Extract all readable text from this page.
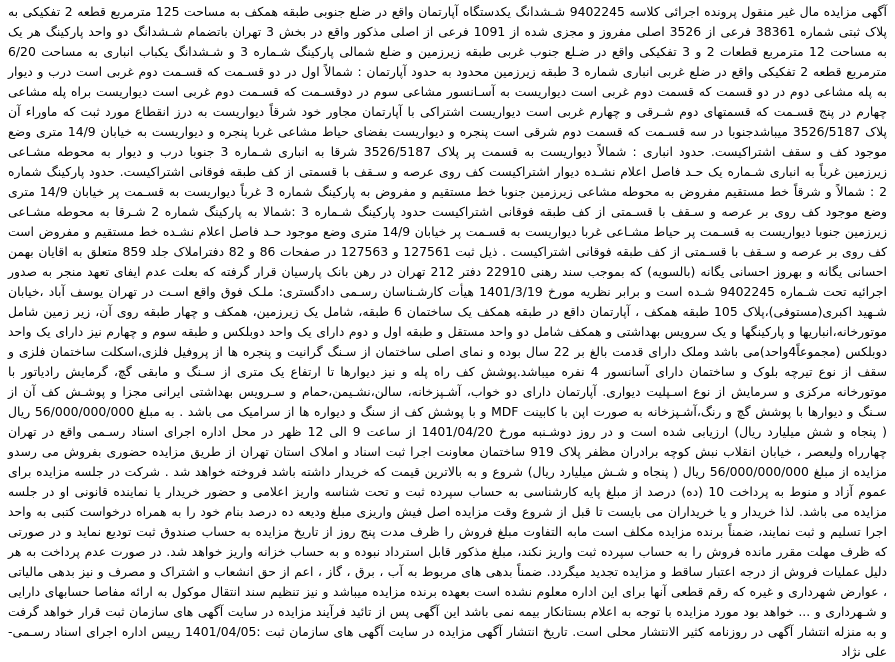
آگهی مزایده مال غیر منقول پرونده اجرائی کلاسه 9402245 شـشدانگ یکدستگاه آپارتمان واقع در ضلع جنوبی طبقه همکف به مساحت 125 مترمربع قطعه 2 تفکیکی به پلاک ثبتی شماره 38361 فرعی از 3526 اصلی مفروز و مجزی شده از 1091 فرعی از اصلی مذکور واقع در بخش 3 تهران باتضمام شـشدانگ دو واحد پارکینگ هر یک به مساحت 12 مترمربع قطعات 2 و 3 تفکیکی واقع در ضـلع جنوب غربی طبقه زیرزمین و ضلع شمالی پارکینگ شـماره 3 و شـشدانگ یکباب انباری به مساحت 6/20 مترمربع قطعه 2 تفکیکی واقع در ضلع غربی انباری شماره 3 طبقه زیرزمین محدود به حدود آپارتمان : شمالاً اول در دو قسـمت که قسـمت دوم غربی است درب و دیوار به پله مشاعی دوم در دو قسمت که قسمت دوم غربی است دیواریست به آسـانسور مشاعی سوم در دوقسـمت که قسـمت دوم غربی است دیواریست براه پله مشاعی چهارم در پنج قسـمت که قسمتهای دوم شـرقی و چهارم غربی است دیواریست اشتراکی با آپارتمان مجاور خود شرقاً دیواریست به درز انقطاع مورد ثبت که ماوراء آن پلاک 3526/5187 میباشدجنوبا در سه قسـمت که قسمت دوم شرقی است پنجره و دیواریست بفضای حیاط مشاعی غربا پنجره و دیواریست به خیابان 14/9 متری وضع موجود کف و سقف اشتراکیست. حدود انباری : شمالاً دیواریست به قسمت پر پلاک 3526/5187 شرقا به انباری شـماره 3 جنوبا درب و دیوار به محوطه مشـاعی زیرزمین غرباً به انباری شـماره یک حـد فاصل اعلام نشـده دیوار اشتراکیست کف روی عرصه و سـقف با قسمتی از کف طبقه فوقانی اشتراکیست. حدود پارکینگ شماره 2 : شمالاً و شرقاً خط مستقیم مفروض به محوطه مشاعی زیرزمین جنوبا خط مستقیم و مفروض به پارکینگ شماره 3 غرباً دیواریست به قسـمت پر خیابان 14/9 متری وضع موجود کف روی بر عرصه و سـقف با قسـمتی از کف طبقه فوقانی اشتراکیست حدود پارکینگ شـماره 3 :شمالا به پارکینگ شماره 2 شـرقا به محوطه مشـاعی زیرزمین جنوبا دیواریست به قسـمت پر حیاط مشـاعی غربا دیواریست به قسـمت پر خیابان 14/9 متری وضع موجود حـد فاصل اعلام نشـده خط مستقیم و مفروض است کف روی بر عرصه و سـقف با قسـمتی از کف طبقه فوقانی اشتراکیست . ذیل ثبت 127561 و 127563 در صفحات 86 و 82 دفتراملاک جلد 859 متعلق به اقایان بهمن احسانی یگانه و بهروز احسانی یگانه (بالسویه) که بموجب سند رهنی 22910 دفتر 212 تهران در رهن بانک پارسیان قرار گرفته که بعلت عدم ایفای تعهد منجر به صدور اجرائیه تحت شـماره 9402245 شـده است و برابر نظریه مورخ 1401/3/19 هیأت کارشـناسان رسـمی دادگستری: ملـک فوق واقع اسـت در تهران یوسف آباد ،خیابان شـهید اکبری(مستوفی)،پلاک 105 طبقه همکف ، آپارتمان داقع در طبقه همکف یک ساختمان 6 طبقه، شامل یک زیرزمین، همکف و چهار طبقه روی آن، زیر زمین شامل موتورخانه،انباریها و پارکینگها و یک سرویس بهداشتی و همکف شامل دو واحد مستقل و طبقه اول و دوم دارای یک واحد دوبلکس و طبقه سوم و چهارم نیز دارای یک واحد دوبلکس (مجموعاً4واحد)می باشد وملک دارای قدمت بالغ بر 22 سال بوده و نمای اصلی ساختمان از سـنگ گرانیت و پنجره ها از پروفیل فلزی،اسکلت ساختمان فلزی و سقف از نوع تیرچه بلوک و ساختمان دارای آسانسور 4 نفره میباشد.پوشش کف راه پله و نیز دیوارها تا ارتفاع یک متری از سـنگ و مابقی گچ، گرمایش رادیاتور با موتورخانه مرکزی و سرمایش از نوع اسـپلیت دیواری. آپارتمان دارای دو خواب، آشـپزخانه، سالن،نشـیمن،حمام و سـرویس بهداشتی ایرانی مجزا و پوشـش کف آن از سـنگ و دیوارها با پوشش گچ و رنگ،آشـپزخانه به صورت اپن با کابینت MDF و با پوشش کف از سنگ و دیواره ها از سرامیک می باشد . به مبلغ 56/000/000/000 ریال ( پنجاه و شش میلیارد ریال) ارزیابی شده است و در روز دوشـنبه مورخ 1401/04/20 از ساعت 9 الی 12 ظهر در محل اداره اجرای اسناد رسـمی واقع در تهران چهارراه ولیعصر ، خیابان انقلاب نبش کوچه برادران مظفر پلاک 919 ساختمان معاونت اجرا ثبت اسناد و املاک استان تهران از طریق مزایده حضوری بفروش می رسدو مزایده از مبلغ 56/000/000/000 ریال ( پنجاه و شـش میلیارد ریال) شروع و به بالاترین قیمت که خریدار داشته باشد فروخته خواهد شد . شرکت در جلسه مزایده برای عموم آزاد و منوط به پرداخت 10 (ده) درصد از مبلغ پایه کارشناسی به حساب سپرده ثبت و تحت شناسه واریز اعلامی و حضور خریدار یا نماینده قانونی او در جلسه مزایده می باشد. لذا خریدار و یا خریداران می بایست تا قبل از شروع وقت مزایده اصل فیش واریزی مبلغ ودیعه ده درصد بنام خود را به همراه درخواست کتبی به واحد اجرا تسلیم و ثبت نمایند، ضمناً برنده مزایده مکلف است مابه التفاوت مبلغ فروش را ظرف مدت پنج روز از تاریخ مزایده به حساب صندوق ثبت تودیع نماید و در صورتی که ظرف مهلت مقرر مانده فروش را به حساب سپرده ثبت واریز نکند، مبلغ مذکور قابل استرداد نبوده و به حساب خزانه واریز خواهد شد. در صورت عدم پرداخت به هر دلیل عملیات فروش از درجه اعتبار ساقط و مزایده تجدید میگردد. ضمناً بدهی های مربوط به آب ، برق ، گاز ، اعم از حق انشعاب و اشتراک و مصرف و نیز بدهی مالیاتی ، عوارض شهرداری و غیره که رقم قطعی آنها برای این اداره معلوم نشده است بعهده برنده مزایده میباشد و نیز تنظیم سند انتقال موکول به ارائه مفاصا حسابهای دارایی و شـهرداری و ... خواهد بود مورد مزایده با توجه به اعلام بستانکار بیمه نمی باشد این آگهی پس از تائید فرآیند مزایده در سایت آگهی های سازمان ثبت قرار خواهد گرفت و به منزله انتشار آگهی در روزنامه کثیر الانتشار محلی است. تاریخ انتشار آگهی مزایده در سایت آگهی های سازمان ثبت :1401/04/05 رییس اداره اجرای اسناد رسـمی- علی نژاد
